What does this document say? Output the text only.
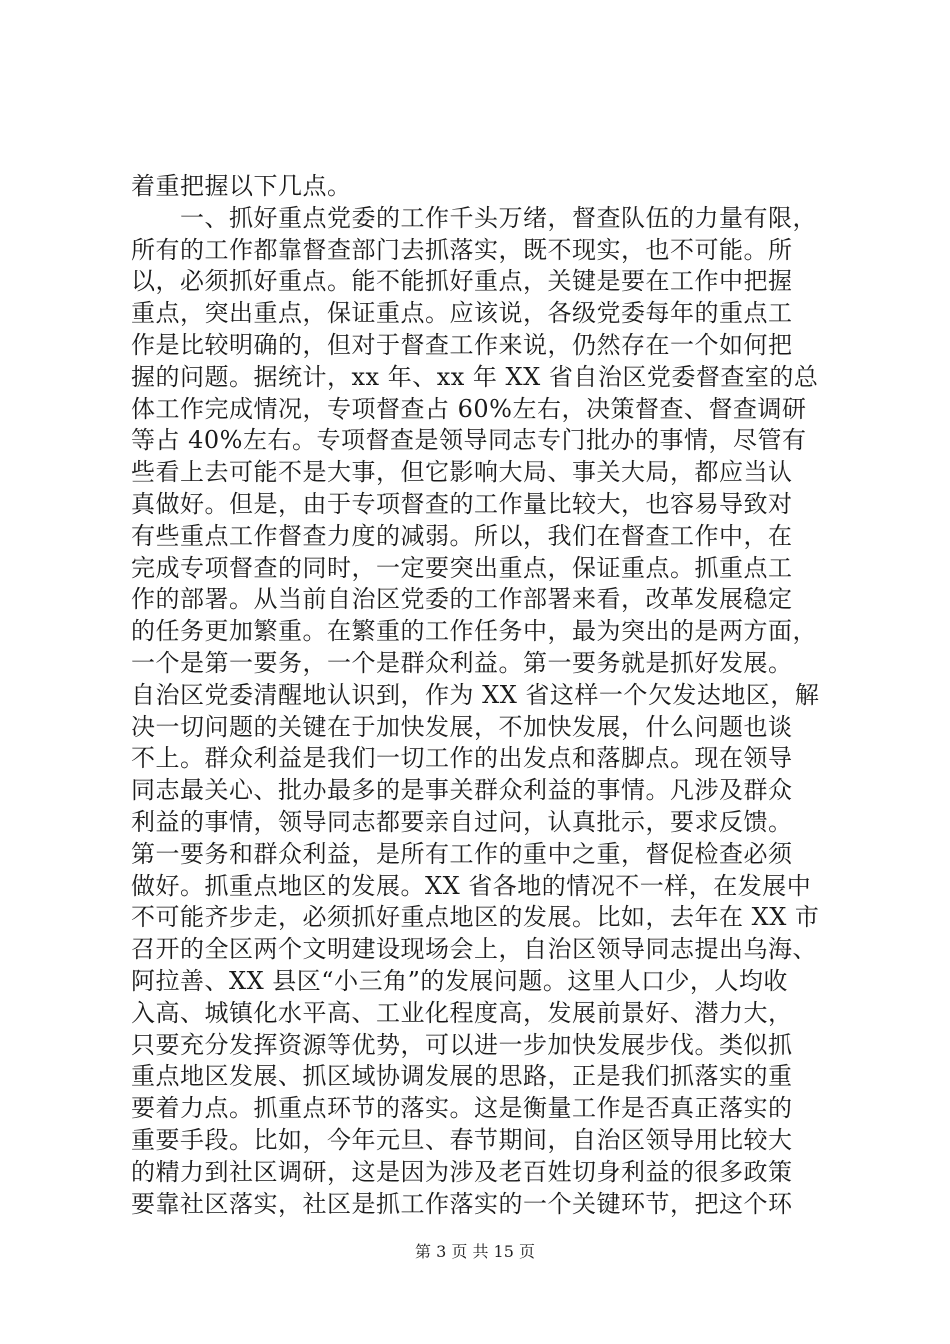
着重把握以下几点。
　　一、抓好重点党委的工作千头万绪，督查队伍的力量有限，
所有的工作都靠督查部门去抓落实，既不现实，也不可能。所
以，必须抓好重点。能不能抓好重点，关键是要在工作中把握
重点，突出重点，保证重点。应该说，各级党委每年的重点工
作是比较明确的，但对于督查工作来说，仍然存在一个如何把
握的问题。据统计，xx 年、xx 年 XX 省自治区党委督查室的总
体工作完成情况，专项督查占 60%左右，决策督查、督查调研
等占 40%左右。专项督查是领导同志专门批办的事情，尽管有
些看上去可能不是大事，但它影响大局、事关大局，都应当认
真做好。但是，由于专项督查的工作量比较大，也容易导致对
有些重点工作督查力度的减弱。所以，我们在督查工作中，在
完成专项督查的同时，一定要突出重点，保证重点。抓重点工
作的部署。从当前自治区党委的工作部署来看，改革发展稳定
的任务更加繁重。在繁重的工作任务中，最为突出的是两方面，
一个是第一要务，一个是群众利益。第一要务就是抓好发展。
自治区党委清醒地认识到，作为 XX 省这样一个欠发达地区，解
决一切问题的关键在于加快发展，不加快发展，什么问题也谈
不上。群众利益是我们一切工作的出发点和落脚点。现在领导
同志最关心、批办最多的是事关群众利益的事情。凡涉及群众
利益的事情，领导同志都要亲自过问，认真批示，要求反馈。
第一要务和群众利益，是所有工作的重中之重，督促检查必须
做好。抓重点地区的发展。XX 省各地的情况不一样，在发展中
不可能齐步走，必须抓好重点地区的发展。比如，去年在 XX 市
召开的全区两个文明建设现场会上，自治区领导同志提出乌海、
阿拉善、XX 县区“小三角”的发展问题。这里人口少，人均收
入高、城镇化水平高、工业化程度高，发展前景好、潜力大，
只要充分发挥资源等优势，可以进一步加快发展步伐。类似抓
重点地区发展、抓区域协调发展的思路，正是我们抓落实的重
要着力点。抓重点环节的落实。这是衡量工作是否真正落实的
重要手段。比如，今年元旦、春节期间，自治区领导用比较大
的精力到社区调研，这是因为涉及老百姓切身利益的很多政策
要靠社区落实，社区是抓工作落实的一个关键环节，把这个环
第 3 页 共 15 页
